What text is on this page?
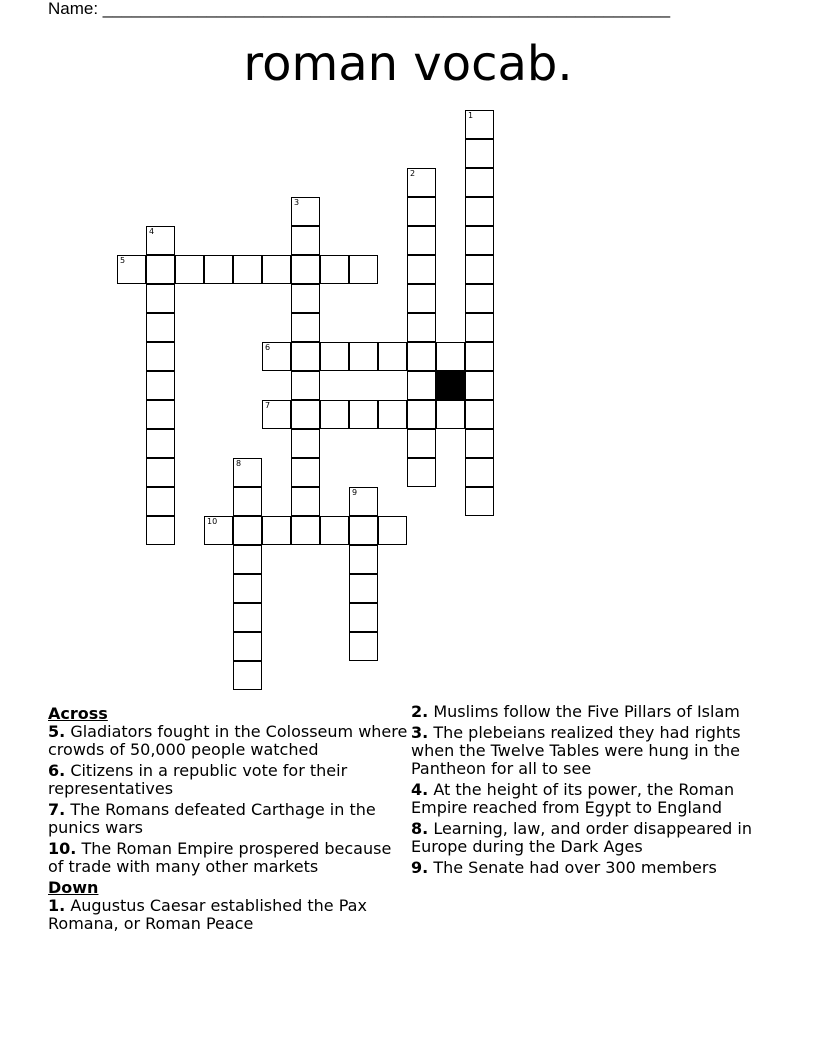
Name: ____________________________________________________________
roman vocab.
1
2
3
4
5
6
7
8
9
10
Across
5. Gladiators fought in the Colosseum where crowds of 50,000 people watched
6. Citizens in a republic vote for their representatives
7. The Romans defeated Carthage in the punics wars
10. The Roman Empire prospered because of trade with many other markets
Down
1. Augustus Caesar established the Pax Romana, or Roman Peace
2. Muslims follow the Five Pillars of Islam
3. The plebeians realized they had rights when the Twelve Tables were hung in the Pantheon for all to see
4. At the height of its power, the Roman Empire reached from Egypt to England
8. Learning, law, and order disappeared in Europe during the Dark Ages
9. The Senate had over 300 members
